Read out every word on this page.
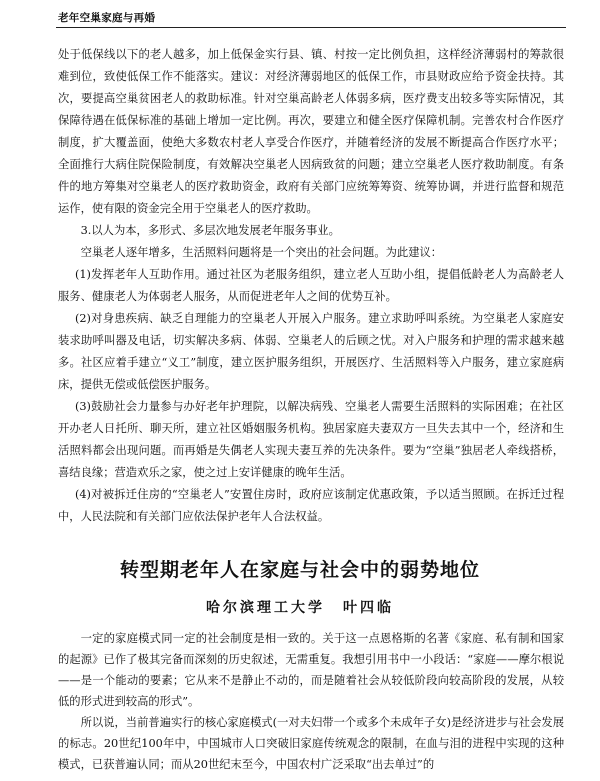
老年空巢家庭与再婚

处于低保线以下的老人越多，加上低保金实行县、镇、村按一定比例负担，这样经济薄弱村的筹款很难到位，致使低保工作不能落实。建议：对经济薄弱地区的低保工作，市县财政应给予资金扶持。其次，要提高空巢贫困老人的救助标准。针对空巢高龄老人体弱多病，医疗费支出较多等实际情况，其保障待遇在低保标准的基础上增加一定比例。再次，要建立和健全医疗保障机制。完善农村合作医疗制度，扩大覆盖面，使绝大多数农村老人享受合作医疗，并随着经济的发展不断提高合作医疗水平；全面推行大病住院保险制度，有效解决空巢老人因病致贫的问题；建立空巢老人医疗救助制度。有条件的地方筹集对空巢老人的医疗救助资金，政府有关部门应统筹筹资、统筹协调，并进行监督和规范运作，使有限的资金完全用于空巢老人的医疗救助。

3.以人为本，多形式、多层次地发展老年服务事业。

空巢老人逐年增多，生活照料问题将是一个突出的社会问题。为此建议：

(1)发挥老年人互助作用。通过社区为老服务组织，建立老人互助小组，提倡低龄老人为高龄老人服务、健康老人为体弱老人服务，从而促进老年人之间的优势互补。

(2)对身患疾病、缺乏自理能力的空巢老人开展入户服务。建立求助呼叫系统。为空巢老人家庭安装求助呼叫器及电话，切实解决多病、体弱、空巢老人的后顾之忧。对入户服务和护理的需求越来越多。社区应着手建立“义工”制度，建立医护服务组织，开展医疗、生活照料等入户服务，建立家庭病床，提供无偿或低偿医护服务。

(3)鼓励社会力量参与办好老年护理院，以解决病残、空巢老人需要生活照料的实际困难；在社区开办老人日托所、聊天所，建立社区婚姻服务机构。独居家庭夫妻双方一旦失去其中一个，经济和生活照料都会出现问题。而再婚是失偶老人实现夫妻互养的先决条件。要为“空巢”独居老人牵线搭桥，喜结良缘；营造欢乐之家，使之过上安详健康的晚年生活。

(4)对被拆迁住房的“空巢老人”安置住房时，政府应该制定优惠政策，予以适当照顾。在拆迁过程中，人民法院和有关部门应依法保护老年人合法权益。

转型期老年人在家庭与社会中的弱势地位
哈尔滨理工大学 叶四临

一定的家庭模式同一定的社会制度是相一致的。关于这一点恩格斯的名著《家庭、私有制和国家的起源》已作了极其完备而深刻的历史叙述，无需重复。我想引用书中一小段话：“家庭——摩尔根说——是一个能动的要素；它从来不是静止不动的，而是随着社会从较低阶段向较高阶段的发展，从较低的形式进到较高的形式”。

所以说，当前普遍实行的核心家庭模式(一对夫妇带一个或多个未成年子女)是经济进步与社会发展的标志。20世纪100年中，中国城市人口突破旧家庭传统观念的限制，在血与泪的进程中实现的这种模式，已获普遍认同；而从20世纪末至今，中国农村广泛采取“出去单过”的
